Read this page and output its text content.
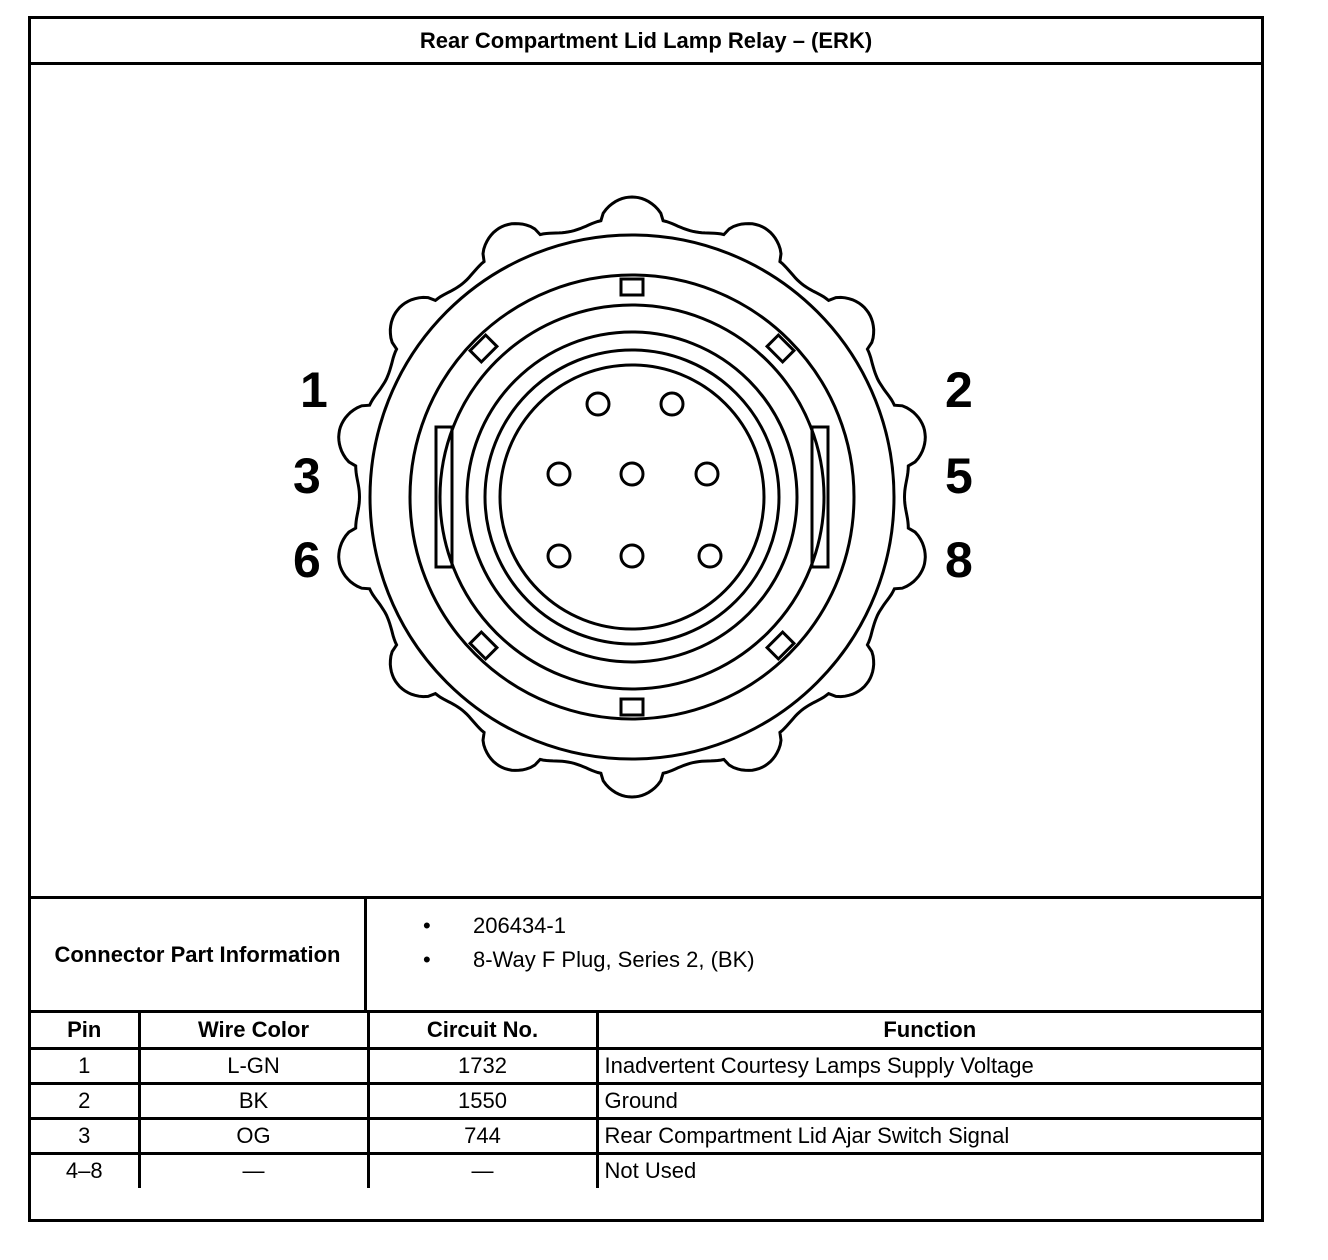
Rear Compartment Lid Lamp Relay – (ERK)
1	2
3	5
6	8
Connector Part Information
• 206434-1
• 8-Way F Plug, Series 2, (BK)
Pin	Wire Color	Circuit No.	Function
1	L-GN	1732	Inadvertent Courtesy Lamps Supply Voltage
2	BK	1550	Ground
3	OG	744	Rear Compartment Lid Ajar Switch Signal
4–8	—	—	Not Used
